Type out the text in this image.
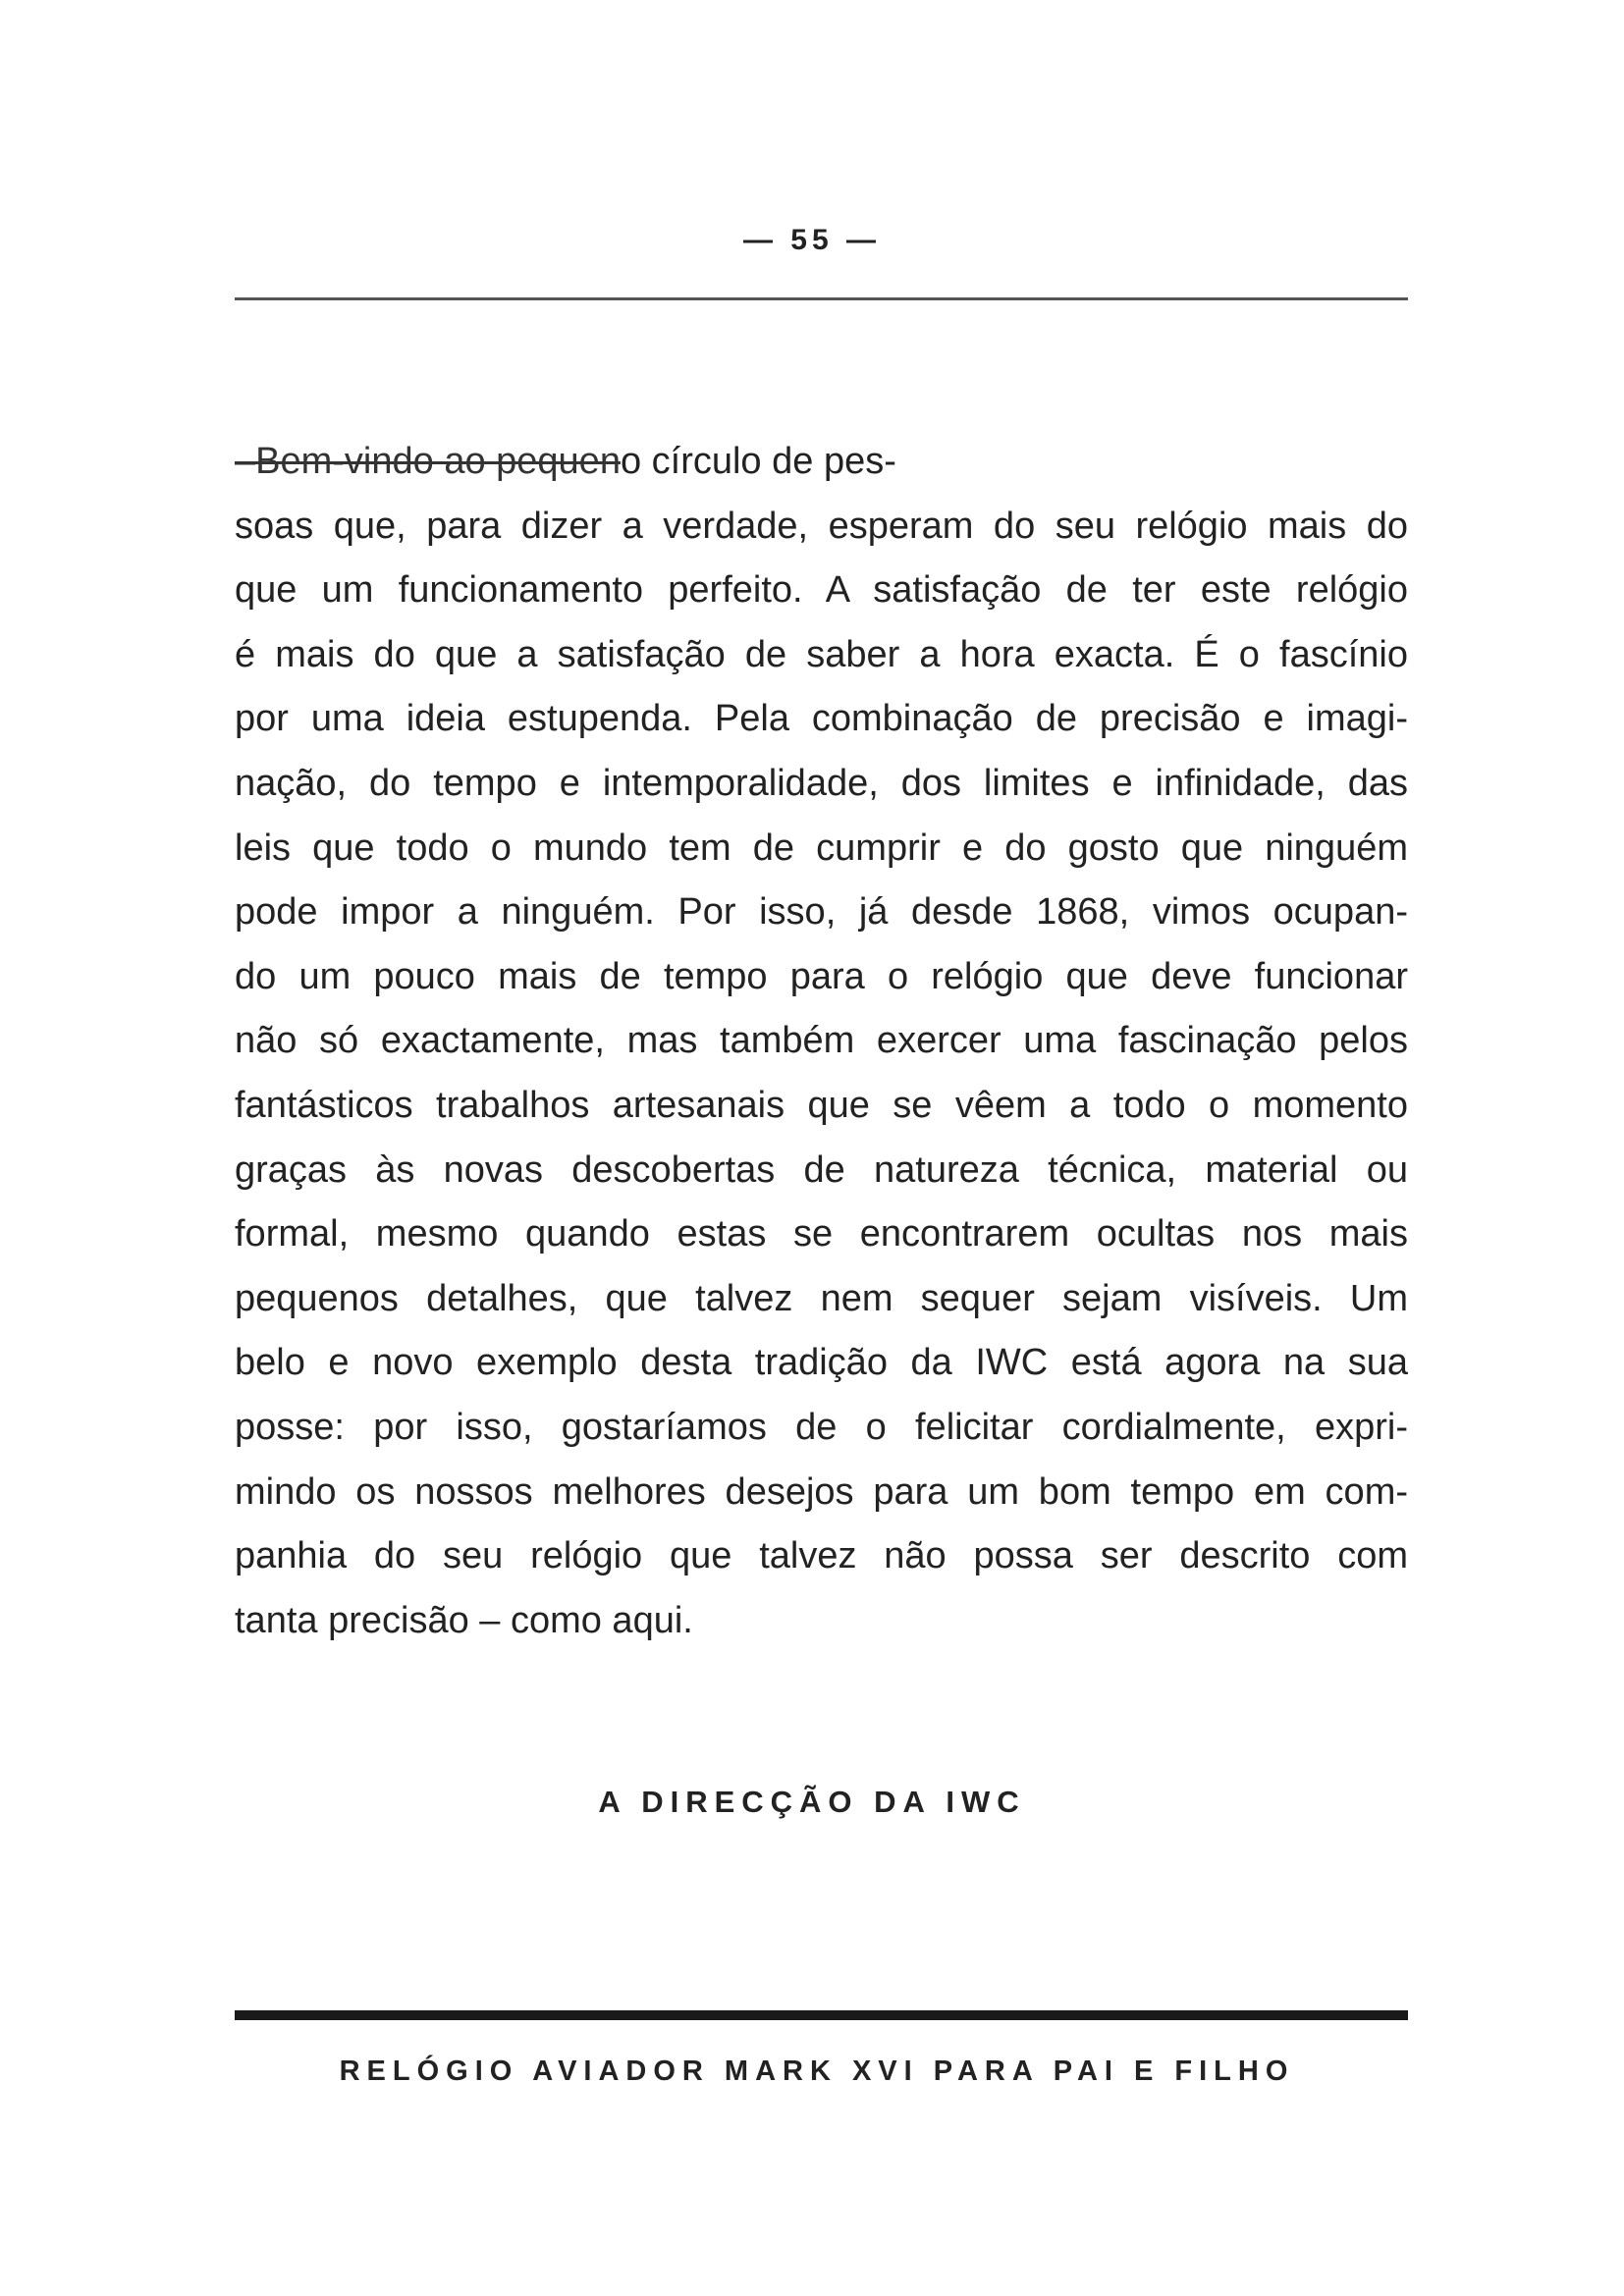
— 55 —
–Bem-vindo ao pequeno círculo de pes-
soas que, para dizer a verdade, esperam do seu relógio mais do
que um funcionamento perfeito. A satisfação de ter este relógio
é mais do que a satisfação de saber a hora exacta. É o fascínio
por uma ideia estupenda. Pela combinação de precisão e imagi-
nação, do tempo e intemporalidade, dos limites e infinidade, das
leis que todo o mundo tem de cumprir e do gosto que ninguém
pode impor a ninguém. Por isso, já desde 1868, vimos ocupan-
do um pouco mais de tempo para o relógio que deve funcionar
não só exactamente, mas também exercer uma fascinação pelos
fantásticos trabalhos artesanais que se vêem a todo o momento
graças às novas descobertas de natureza técnica, material ou
formal, mesmo quando estas se encontrarem ocultas nos mais
pequenos detalhes, que talvez nem sequer sejam visíveis. Um
belo e novo exemplo desta tradição da IWC está agora na sua
posse: por isso, gostaríamos de o felicitar cordialmente, expri-
mindo os nossos melhores desejos para um bom tempo em com-
panhia do seu relógio que talvez não possa ser descrito com
tanta precisão – como aqui.
A DIRECÇÃO DA IWC
RELÓGIO AVIADOR MARK XVI PARA PAI E FILHO
